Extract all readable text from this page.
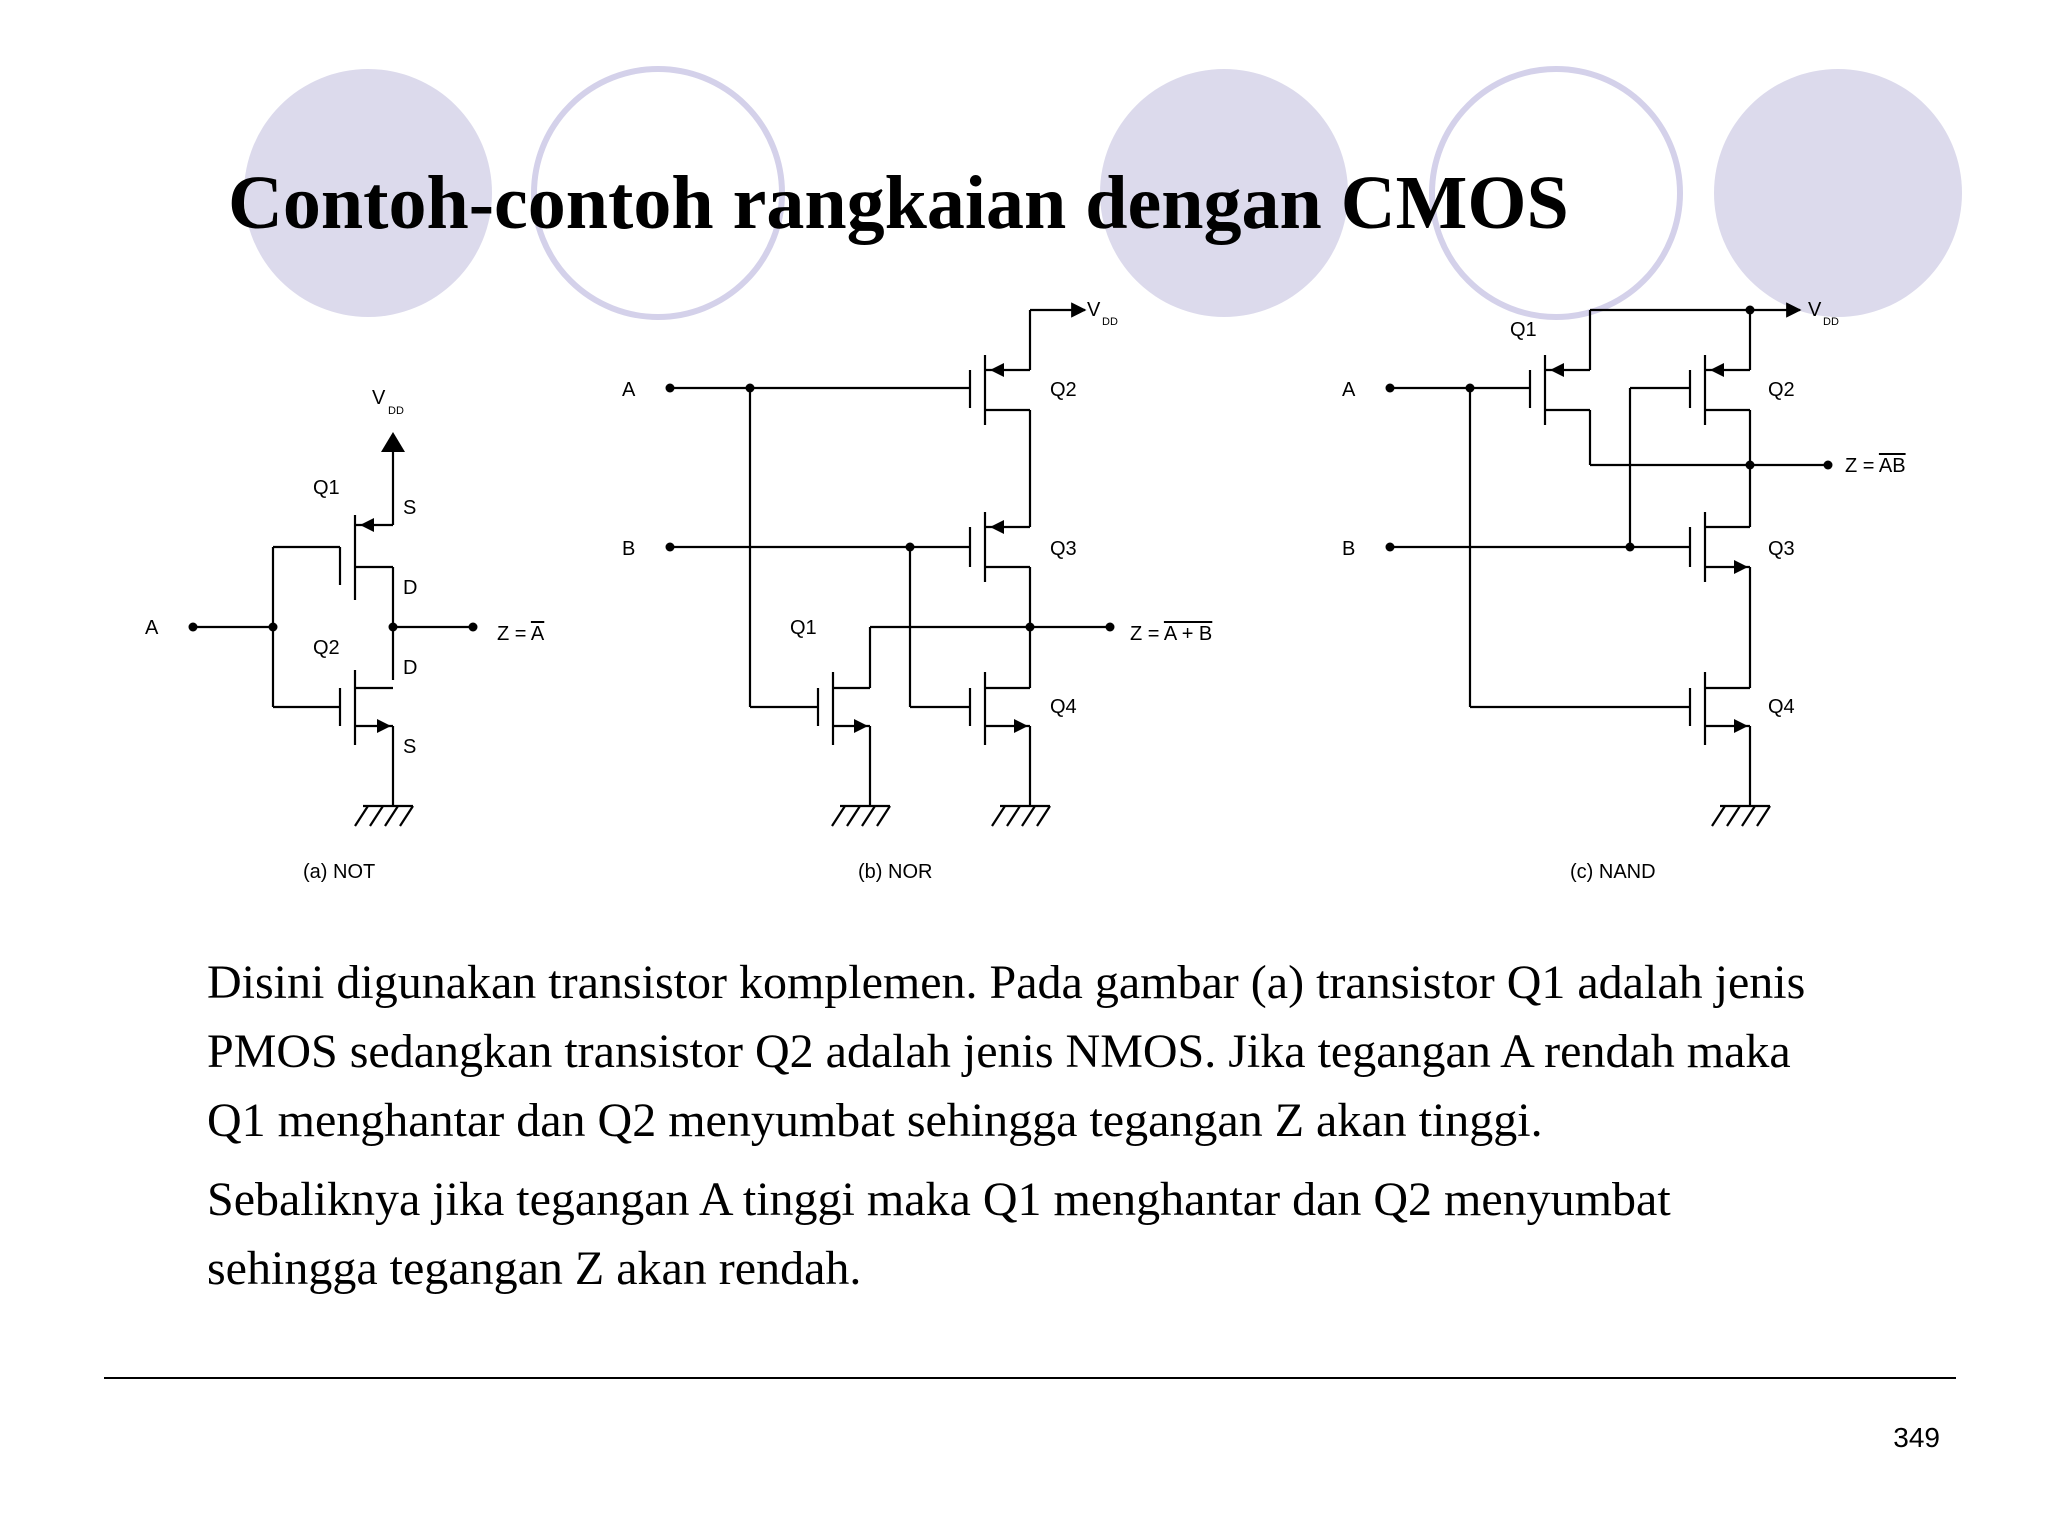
Contoh-contoh rangkaian dengan CMOS
A
V
DD
Q1
Q2
S
D
D
S
Z = A
(a) NOT
A
B
V
DD
Q2
Q3
Q1
Q4
Z = A + B
(b) NOR
A
B
V
DD
Q1
Q2
Q3
Q4
Z = AB
(c) NAND

Disini digunakan transistor komplemen. Pada gambar (a) transistor Q1 adalah jenis PMOS sedangkan transistor Q2 adalah jenis NMOS. Jika tegangan A rendah maka Q1 menghantar dan Q2 menyumbat sehingga tegangan Z akan tinggi.

Sebaliknya jika tegangan A tinggi maka Q1 menghantar dan Q2 menyumbat sehingga tegangan Z akan rendah.

349
